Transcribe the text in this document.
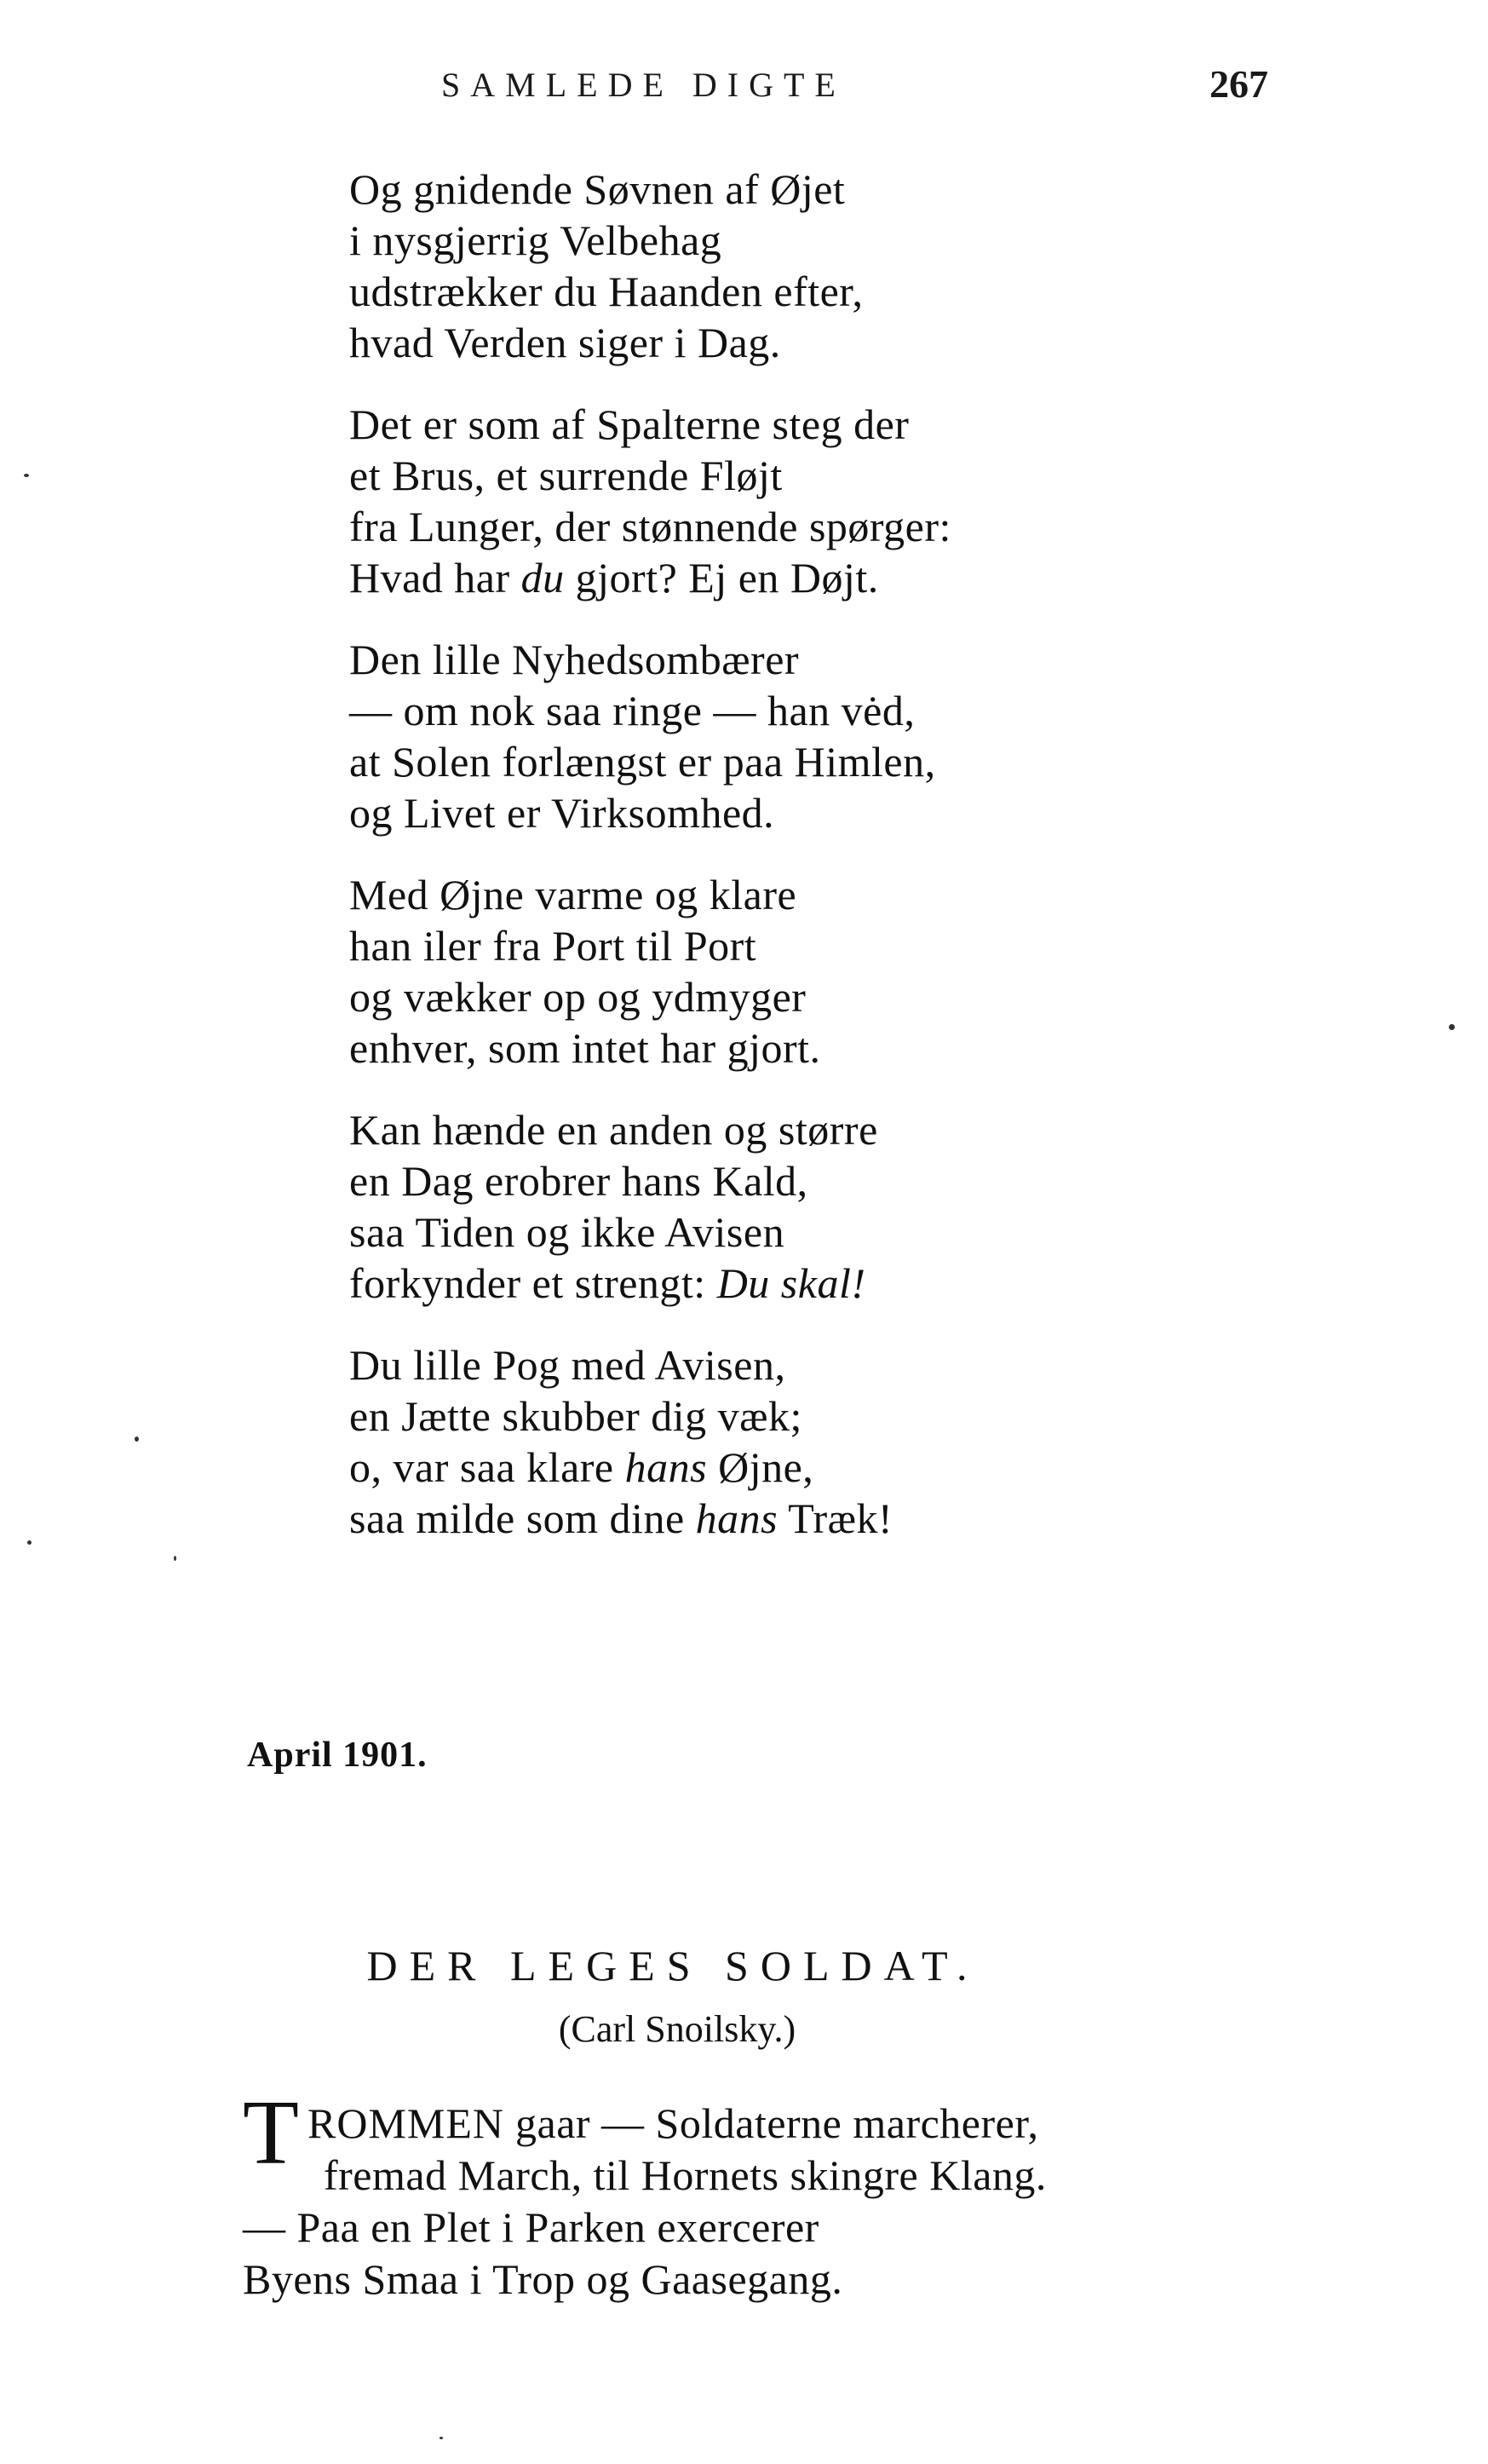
SAMLEDE DIGTE	267
Og gnidende Søvnen af Øjet
i nysgjerrig Velbehag
udstrækker du Haanden efter,
hvad Verden siger i Dag.
Det er som af Spalterne steg der
et Brus, et surrende Fløjt
fra Lunger, der stønnende spørger:
Hvad har du gjort? Ej en Døjt.
Den lille Nyhedsombærer
— om nok saa ringe — han vėd,
at Solen forlængst er paa Himlen,
og Livet er Virksomhed.
Med Øjne varme og klare
han iler fra Port til Port
og vækker op og ydmyger
enhver, som intet har gjort.
Kan hænde en anden og større
en Dag erobrer hans Kald,
saa Tiden og ikke Avisen
forkynder et strengt: Du skal!
Du lille Pog med Avisen,
en Jætte skubber dig væk;
o, var saa klare hans Øjne,
saa milde som dine hans Træk!
April 1901.
DER LEGES SOLDAT.
(Carl Snoilsky.)
T ROMMEN gaar — Soldaterne marcherer,
fremad March, til Hornets skingre Klang.
— Paa en Plet i Parken exercerer
Byens Smaa i Trop og Gaasegang.
